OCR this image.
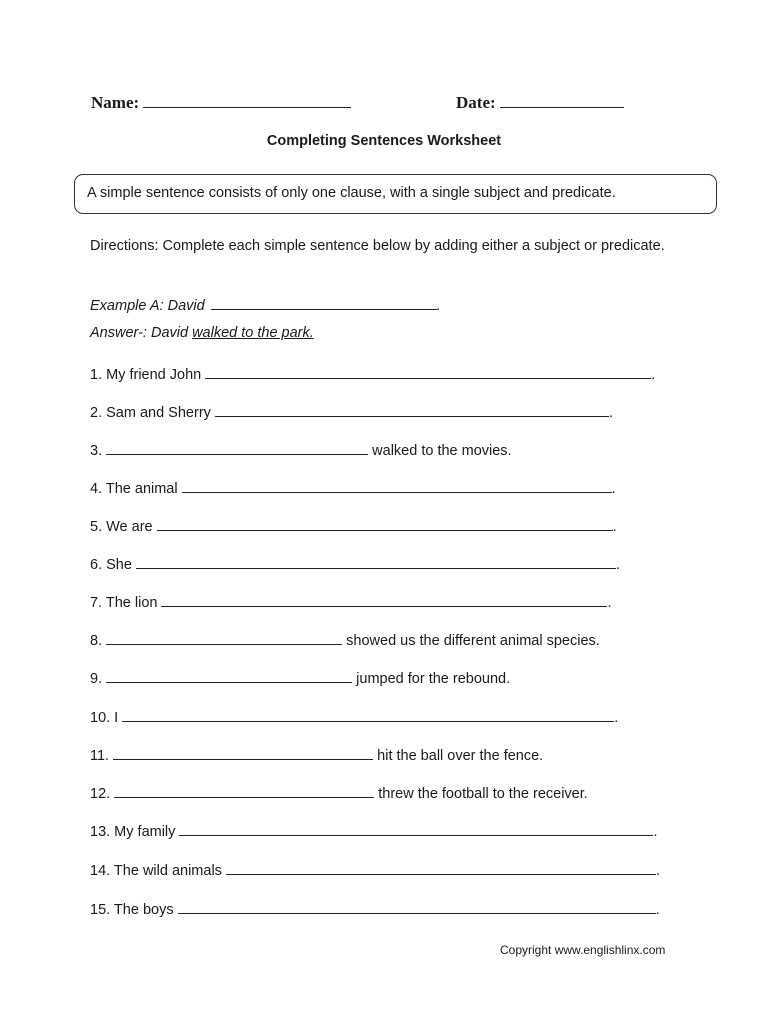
Name:	Date:
Completing Sentences Worksheet
A simple sentence consists of only one clause, with a single subject and predicate.
Directions: Complete each simple sentence below by adding either a subject or predicate.
Example A: David	.
Answer-: David walked to the park.
1. My friend John	.
2. Sam and Sherry	.
3.	walked to the movies.
4. The animal	.
5. We are	.
6. She	.
7. The lion	.
8.	showed us the different animal species.
9.	jumped for the rebound.
10. I	.
11.	hit the ball over the fence.
12.	threw the football to the receiver.
13. My family	.
14. The wild animals	.
15. The boys	.
Copyright www.englishlinx.com
